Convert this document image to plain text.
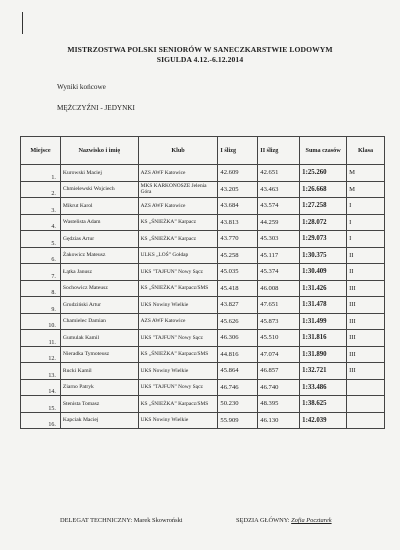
MISTRZOSTWA POLSKI SENIORÓW W SANECZKARSTWIE LODOWYM
SIGULDA 4.12.-6.12.2014
Wyniki końcowe
MĘŻCZYŹNI - JEDYNKI
Miejsce	Nazwisko i imię	Klub	I ślizg	II ślizg	Suma czasów	Klasa
1.	Kurowski Maciej	AZS AWF Katowice	42.609	42.651	1:25.260	M
2.	Chmielewski Wojciech	MKS KARKONOSZE Jelenia Góra	43.205	43.463	1:26.668	M
3.	Mikrut Karol	AZS AWF Katowice	43.684	43.574	1:27.258	I
4.	Wastelista Adam	KS „ŚNIEŻKA” Karpacz	43.813	44.259	1:28.072	I
5.	Gędzias Artur	KS „ŚNIEŻKA” Karpacz	43.770	45.303	1:29.073	I
6.	Żakowicz Mateusz	ULKS „LOŚ” Gołdap	45.258	45.117	1:30.375	II
7.	Łątka Janusz	UKS "TAJFUN" Nowy Sącz	45.035	45.374	1:30.409	II
8.	Sochowicz Mateusz	KS „ŚNIEŻKA” Karpacz/SMS	45.418	46.008	1:31.426	III
9.	Grudziński Artur	UKS Nowiny Wielkie	43.827	47.651	1:31.478	III
10.	Chamielec Damian	AZS AWF Katowice	45.626	45.873	1:31.499	III
11.	Gumulak Kamil	UKS "TAJFUN" Nowy Sącz	46.306	45.510	1:31.816	III
12.	Nieradka Tymoteusz	KS „ŚNIEŻKA” Karpacz/SMS	44.816	47.074	1:31.890	III
13.	Rucki Kamil	UKS Nowiny Wielkie	45.864	46.857	1:32.721	III
14.	Ziarno Patryk	UKS "TAJFUN" Nowy Sącz	46.746	46.740	1:33.486	
15.	Stenista Tomasz	KS „ŚNIEŻKA” Karpacz/SMS	50.230	48.395	1:38.625	
16.	Kapciak Maciej	UKS Nowiny Wielkie	55.909	46.130	1:42.039	
DELEGAT TECHNICZNY: Marek Skowroński	SĘDZIA GŁÓWNY: Zofia Pocztarek
